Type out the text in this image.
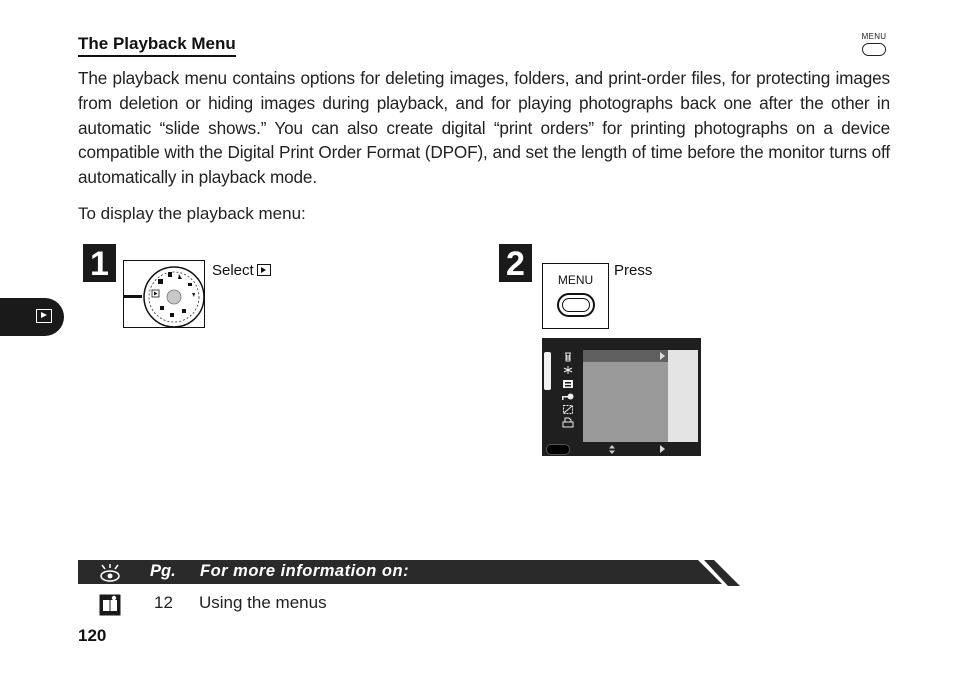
The Playback Menu	MENU
The playback menu contains options for deleting images, folders, and print-order files, for protecting images from deletion or hiding images during playback, and for playing photographs back one after the other in automatic “slide shows.” You can also create digital “print orders” for printing photographs on a device compatible with the Digital Print Order Format (DPOF), and set the length of time before the monitor turns off automatically in playback mode.
To display the playback menu:
1	Select	2	MENU
Press
Pg. For more information on:
12 Using the menus
120
